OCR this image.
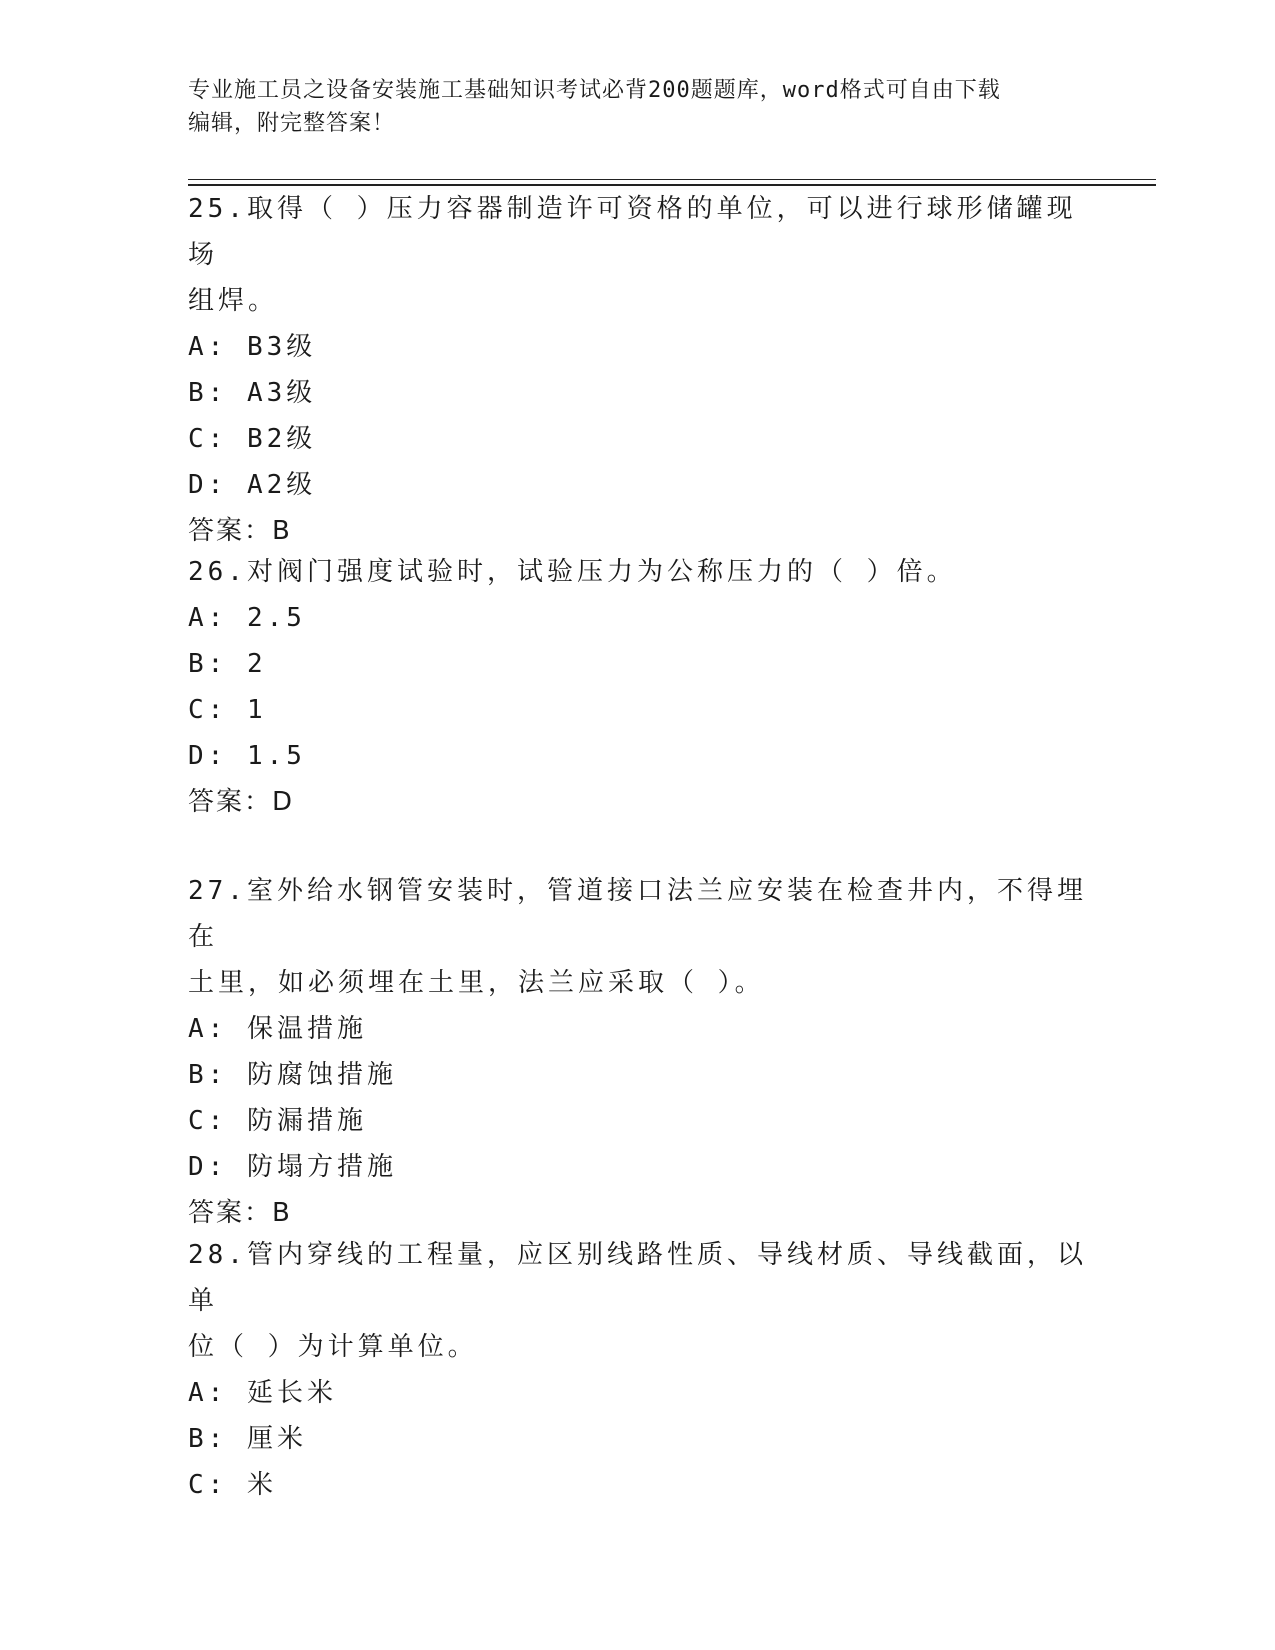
专业施工员之设备安装施工基础知识考试必背200题题库，word格式可自由下载
编辑，附完整答案！

25.取得（ ）压力容器制造许可资格的单位，可以进行球形储罐现场

组焊。

A: B3级

B: A3级

C: B2级

D: A2级

答案：B

26.对阀门强度试验时，试验压力为公称压力的（ ）倍。

A: 2.5

B: 2

C: 1

D: 1.5

答案：D

27.室外给水钢管安装时，管道接口法兰应安装在检查井内，不得埋在

土里，如必须埋在土里，法兰应采取（ ）。

A: 保温措施

B: 防腐蚀措施

C: 防漏措施

D: 防塌方措施

答案：B

28.管内穿线的工程量，应区别线路性质、导线材质、导线截面，以单

位（ ）为计算单位。

A: 延长米

B: 厘米

C: 米
